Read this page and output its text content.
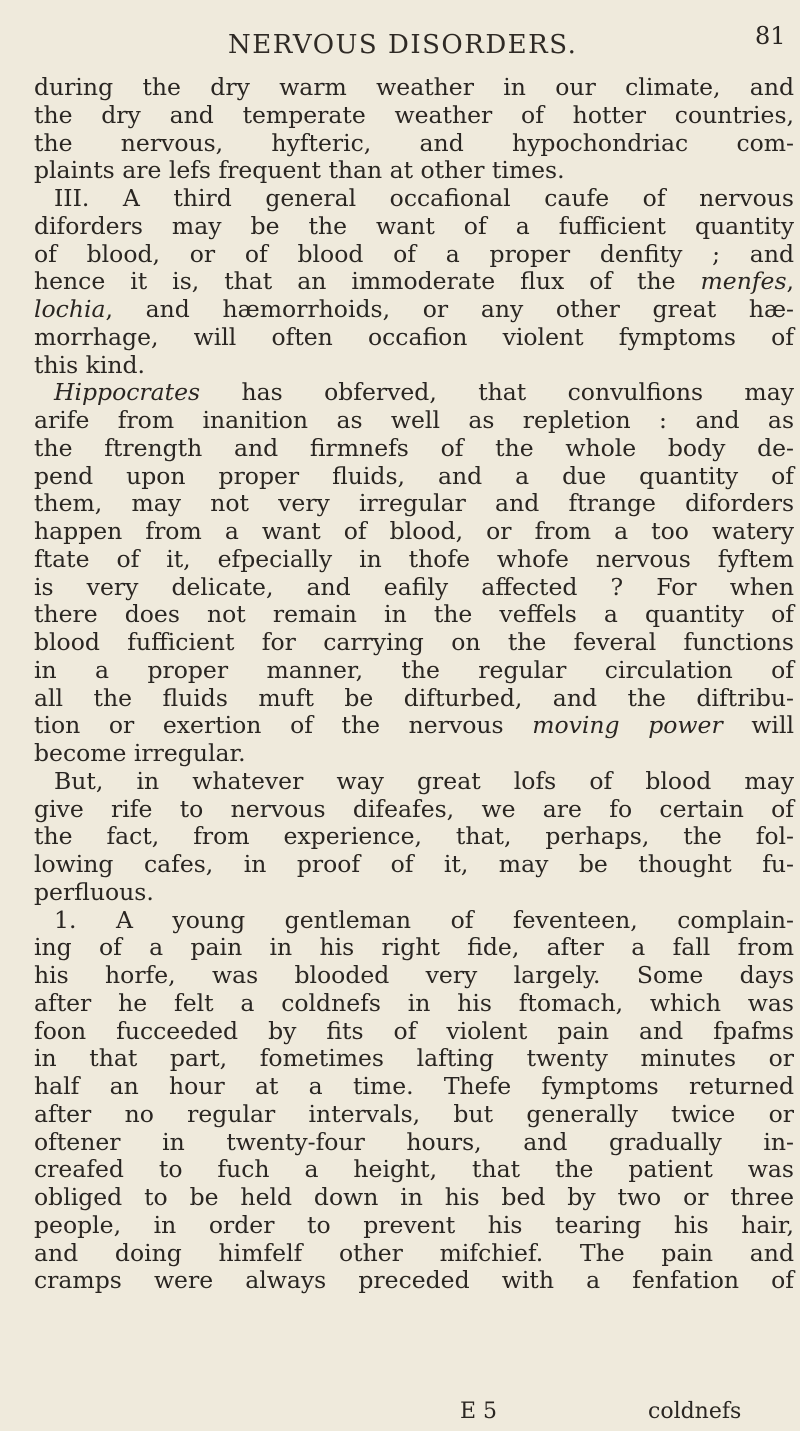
NERVOUS DISORDERS.	81
during the dry warm weather in our climate, and
the dry and temperate weather of hotter countries,
the nervous, hyfteric, and hypochondriac com-
plaints are lefs frequent than at other times.
III. A third general occafional caufe of nervous
diforders may be the want of a fufficient quantity
of blood, or of blood of a proper denfity ; and
hence it is, that an immoderate flux of the menfes,
lochia, and hæmorrhoids, or any other great hæ-
morrhage, will often occafion violent fymptoms of
this kind.
Hippocrates has obferved, that convulfions may
arife from inanition as well as repletion : and as
the ftrength and firmnefs of the whole body de-
pend upon proper fluids, and a due quantity of
them, may not very irregular and ftrange diforders
happen from a want of blood, or from a too watery
ftate of it, efpecially in thofe whofe nervous fyftem
is very delicate, and eafily affected ? For when
there does not remain in the veffels a quantity of
blood fufficient for carrying on the feveral functions
in a proper manner, the regular circulation of
all the fluids muft be difturbed, and the diftribu-
tion or exertion of the nervous moving power will
become irregular.
But, in whatever way great lofs of blood may
give rife to nervous difeafes, we are fo certain of
the fact, from experience, that, perhaps, the fol-
lowing cafes, in proof of it, may be thought fu-
perfluous.
1. A young gentleman of feventeen, complain-
ing of a pain in his right fide, after a fall from
his horfe, was blooded very largely. Some days
after he felt a coldnefs in his ftomach, which was
foon fucceeded by fits of violent pain and fpafms
in that part, fometimes lafting twenty minutes or
half an hour at a time. Thefe fymptoms returned
after no regular intervals, but generally twice or
oftener in twenty-four hours, and gradually in-
creafed to fuch a height, that the patient was
obliged to be held down in his bed by two or three
people, in order to prevent his tearing his hair,
and doing himfelf other mifchief. The pain and
cramps were always preceded with a fenfation of
E 5	coldnefs
